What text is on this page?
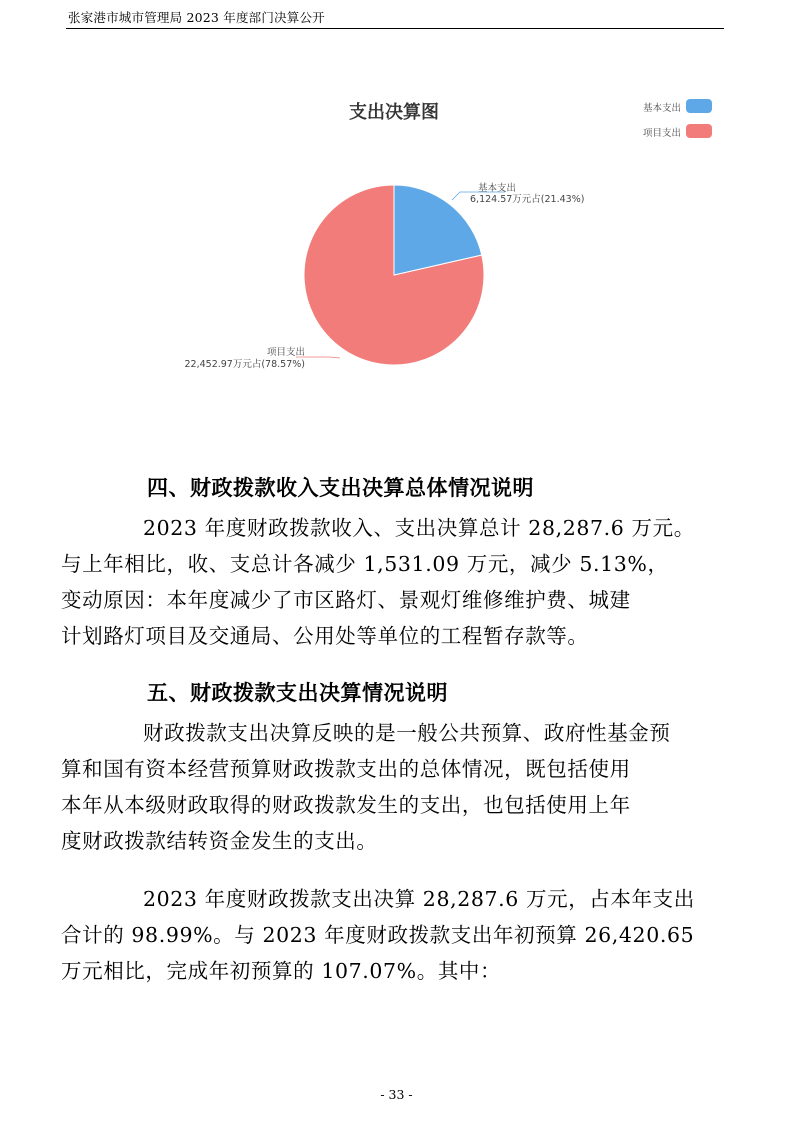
张家港市城市管理局 2023 年度部门决算公开
支出决算图	基本支出
项目支出
基本支出
6,124.57万元占(21.43%)
项目支出
22,452.97万元占(78.57%)
四、财政拨款收入支出决算总体情况说明

2023 年度财政拨款收入、支出决算总计 28,287.6 万元。
与上年相比，收、支总计各减少 1,531.09 万元，减少 5.13%，
变动原因：本年度减少了市区路灯、景观灯维修维护费、城建
计划路灯项目及交通局、公用处等单位的工程暂存款等。

五、财政拨款支出决算情况说明

财政拨款支出决算反映的是一般公共预算、政府性基金预
算和国有资本经营预算财政拨款支出的总体情况，既包括使用
本年从本级财政取得的财政拨款发生的支出，也包括使用上年
度财政拨款结转资金发生的支出。

2023 年度财政拨款支出决算 28,287.6 万元，占本年支出
合计的 98.99%。与 2023 年度财政拨款支出年初预算 26,420.65
万元相比，完成年初预算的 107.07%。其中：

- 33 -
